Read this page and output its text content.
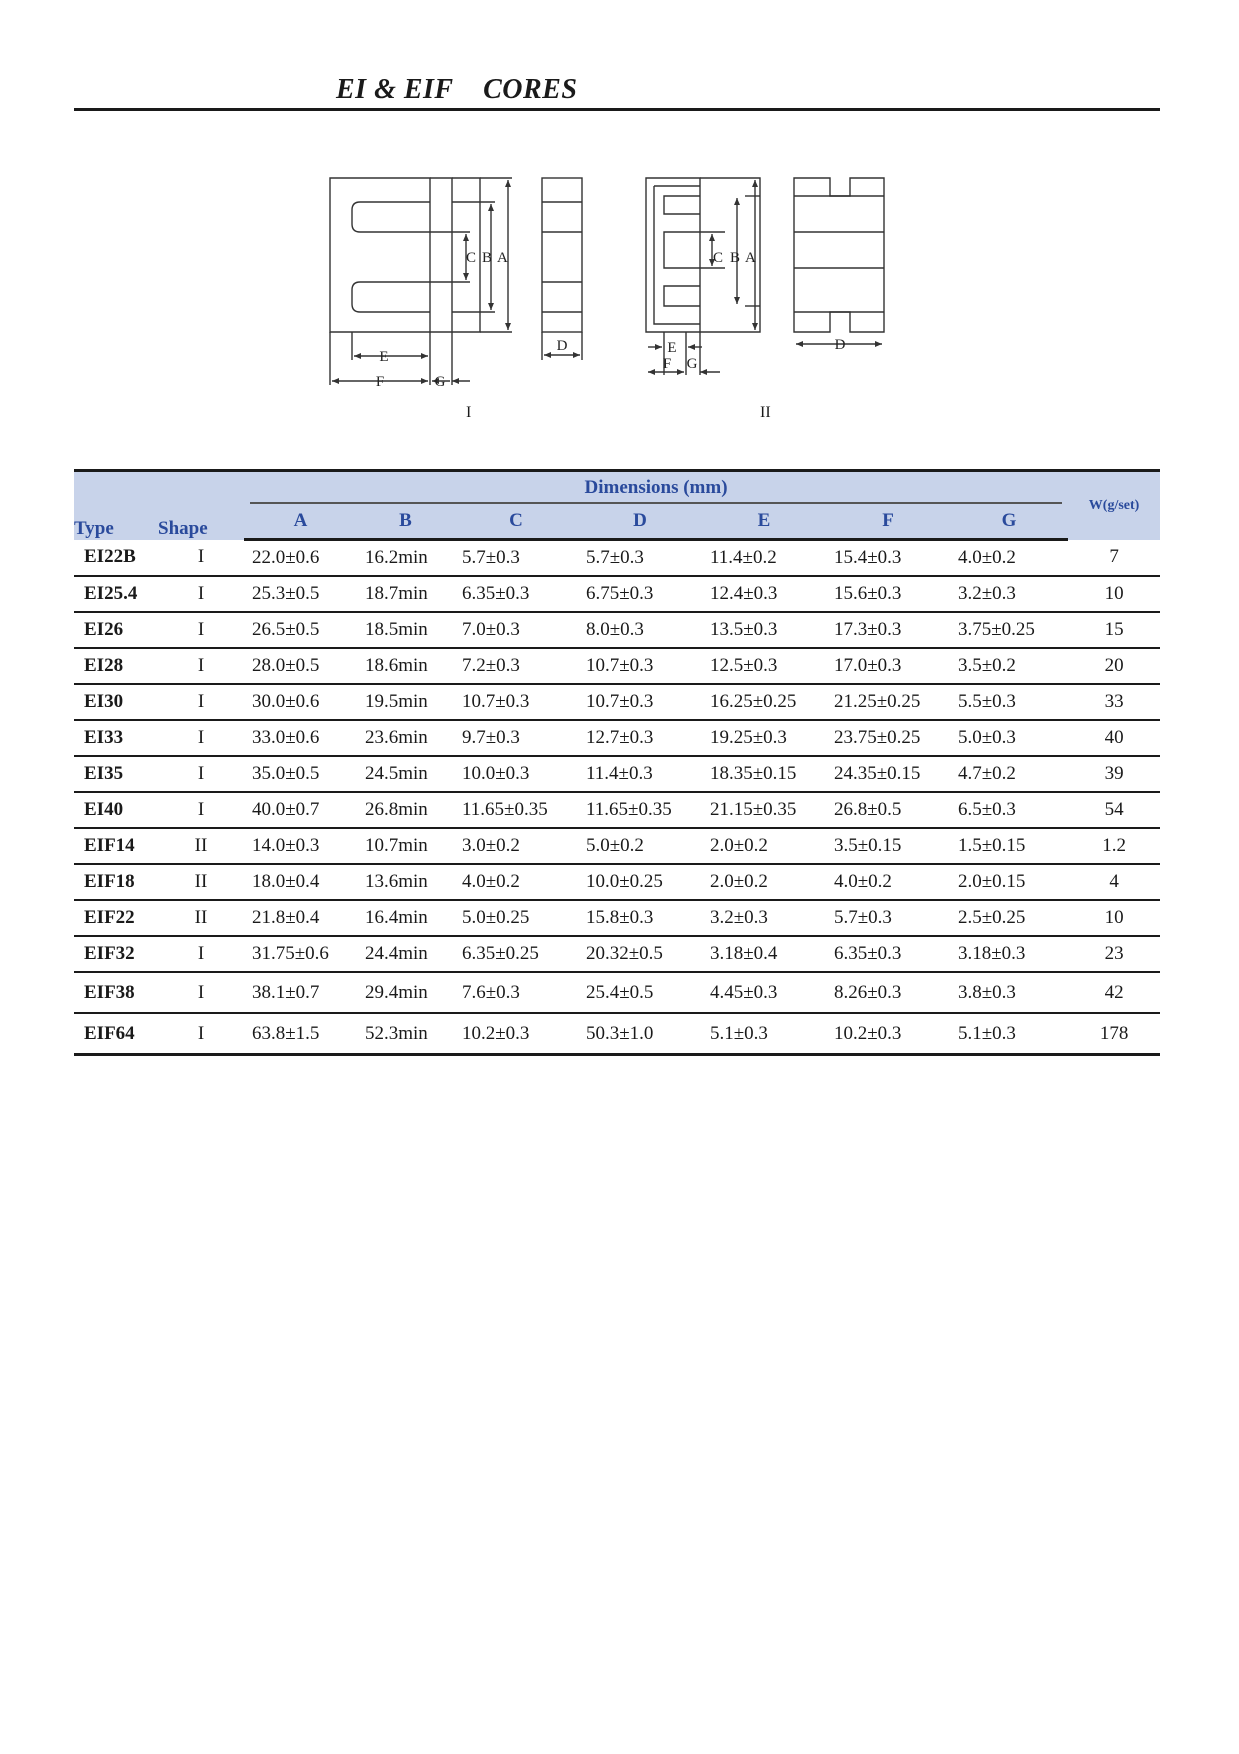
EI & EIF    CORES
C B A
E
F	G
D
C B A
E
F G
D
I	II
Type	Shape	Dimensions (mm)							W(g/set)
		A	B	C	D	E	F	G	
EI22B	I	22.0±0.6	16.2min	5.7±0.3	5.7±0.3	11.4±0.2	15.4±0.3	4.0±0.2	7
EI25.4	I	25.3±0.5	18.7min	6.35±0.3	6.75±0.3	12.4±0.3	15.6±0.3	3.2±0.3	10
EI26	I	26.5±0.5	18.5min	7.0±0.3	8.0±0.3	13.5±0.3	17.3±0.3	3.75±0.25	15
EI28	I	28.0±0.5	18.6min	7.2±0.3	10.7±0.3	12.5±0.3	17.0±0.3	3.5±0.2	20
EI30	I	30.0±0.6	19.5min	10.7±0.3	10.7±0.3	16.25±0.25	21.25±0.25	5.5±0.3	33
EI33	I	33.0±0.6	23.6min	9.7±0.3	12.7±0.3	19.25±0.3	23.75±0.25	5.0±0.3	40
EI35	I	35.0±0.5	24.5min	10.0±0.3	11.4±0.3	18.35±0.15	24.35±0.15	4.7±0.2	39
EI40	I	40.0±0.7	26.8min	11.65±0.35	11.65±0.35	21.15±0.35	26.8±0.5	6.5±0.3	54
EIF14	II	14.0±0.3	10.7min	3.0±0.2	5.0±0.2	2.0±0.2	3.5±0.15	1.5±0.15	1.2
EIF18	II	18.0±0.4	13.6min	4.0±0.2	10.0±0.25	2.0±0.2	4.0±0.2	2.0±0.15	4
EIF22	II	21.8±0.4	16.4min	5.0±0.25	15.8±0.3	3.2±0.3	5.7±0.3	2.5±0.25	10
EIF32	I	31.75±0.6	24.4min	6.35±0.25	20.32±0.5	3.18±0.4	6.35±0.3	3.18±0.3	23
EIF38	I	38.1±0.7	29.4min	7.6±0.3	25.4±0.5	4.45±0.3	8.26±0.3	3.8±0.3	42
EIF64	I	63.8±1.5	52.3min	10.2±0.3	50.3±1.0	5.1±0.3	10.2±0.3	5.1±0.3	178
